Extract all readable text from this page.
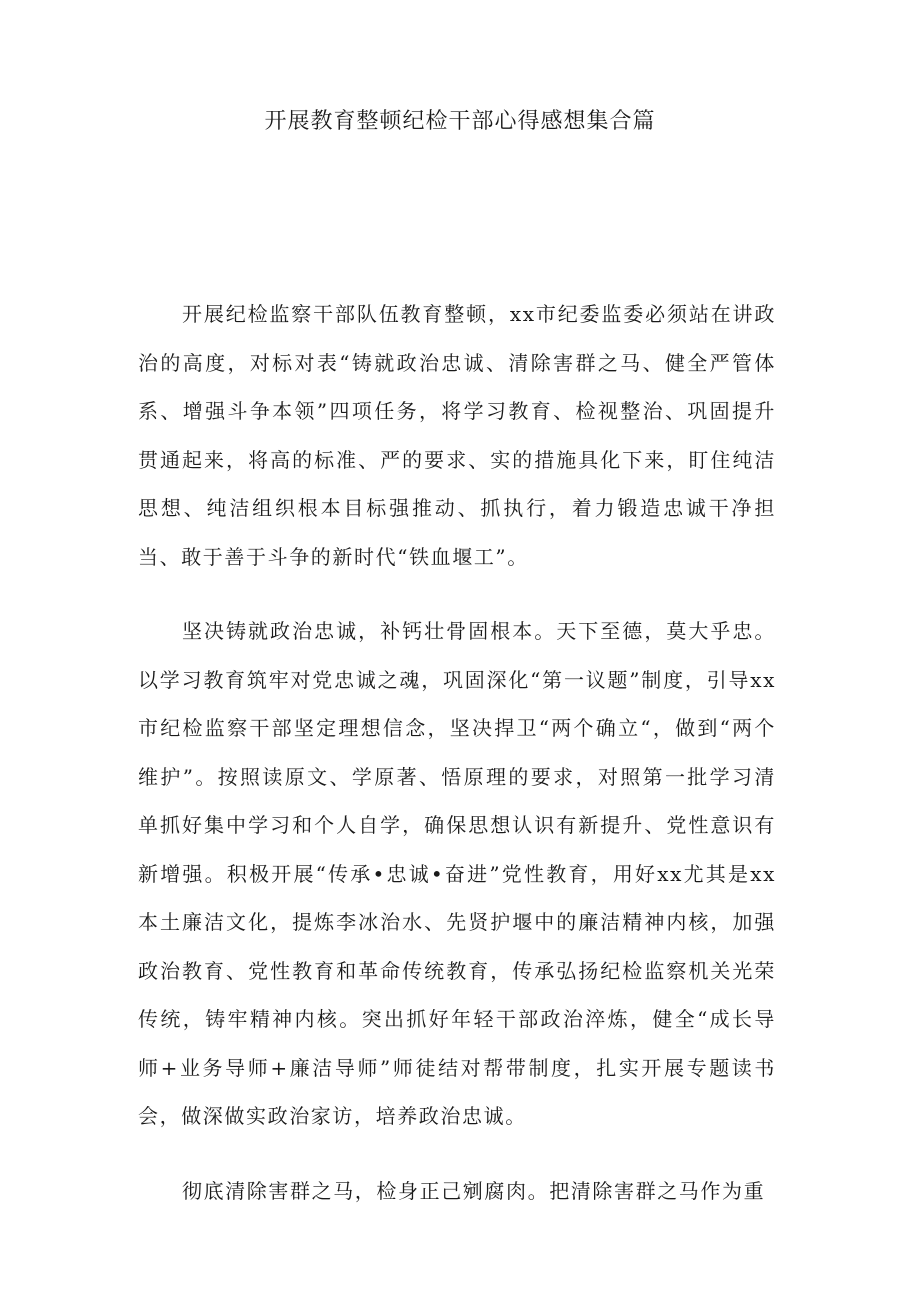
开展教育整顿纪检干部心得感想集合篇

开展纪检监察干部队伍教育整顿，xx市纪委监委必须站在讲政治的高度，对标对表“铸就政治忠诚、清除害群之马、健全严管体系、增强斗争本领”四项任务，将学习教育、检视整治、巩固提升贯通起来，将高的标准、严的要求、实的措施具化下来，盯住纯洁思想、纯洁组织根本目标强推动、抓执行，着力锻造忠诚干净担当、敢于善于斗争的新时代“铁血堰工”。

坚决铸就政治忠诚，补钙壮骨固根本。天下至德，莫大乎忠。以学习教育筑牢对党忠诚之魂，巩固深化“第一议题”制度，引导xx市纪检监察干部坚定理想信念，坚决捍卫“两个确立“，做到“两个维护”。按照读原文、学原著、悟原理的要求，对照第一批学习清单抓好集中学习和个人自学，确保思想认识有新提升、党性意识有新增强。积极开展“传承•忠诚•奋进”党性教育，用好xx尤其是xx本土廉洁文化，提炼李冰治水、先贤护堰中的廉洁精神内核，加强政治教育、党性教育和革命传统教育，传承弘扬纪检监察机关光荣传统，铸牢精神内核。突出抓好年轻干部政治淬炼，健全“成长导师+业务导师+廉洁导师”师徒结对帮带制度，扎实开展专题读书会，做深做实政治家访，培养政治忠诚。

彻底清除害群之马，检身正己剜腐肉。把清除害群之马作为重
